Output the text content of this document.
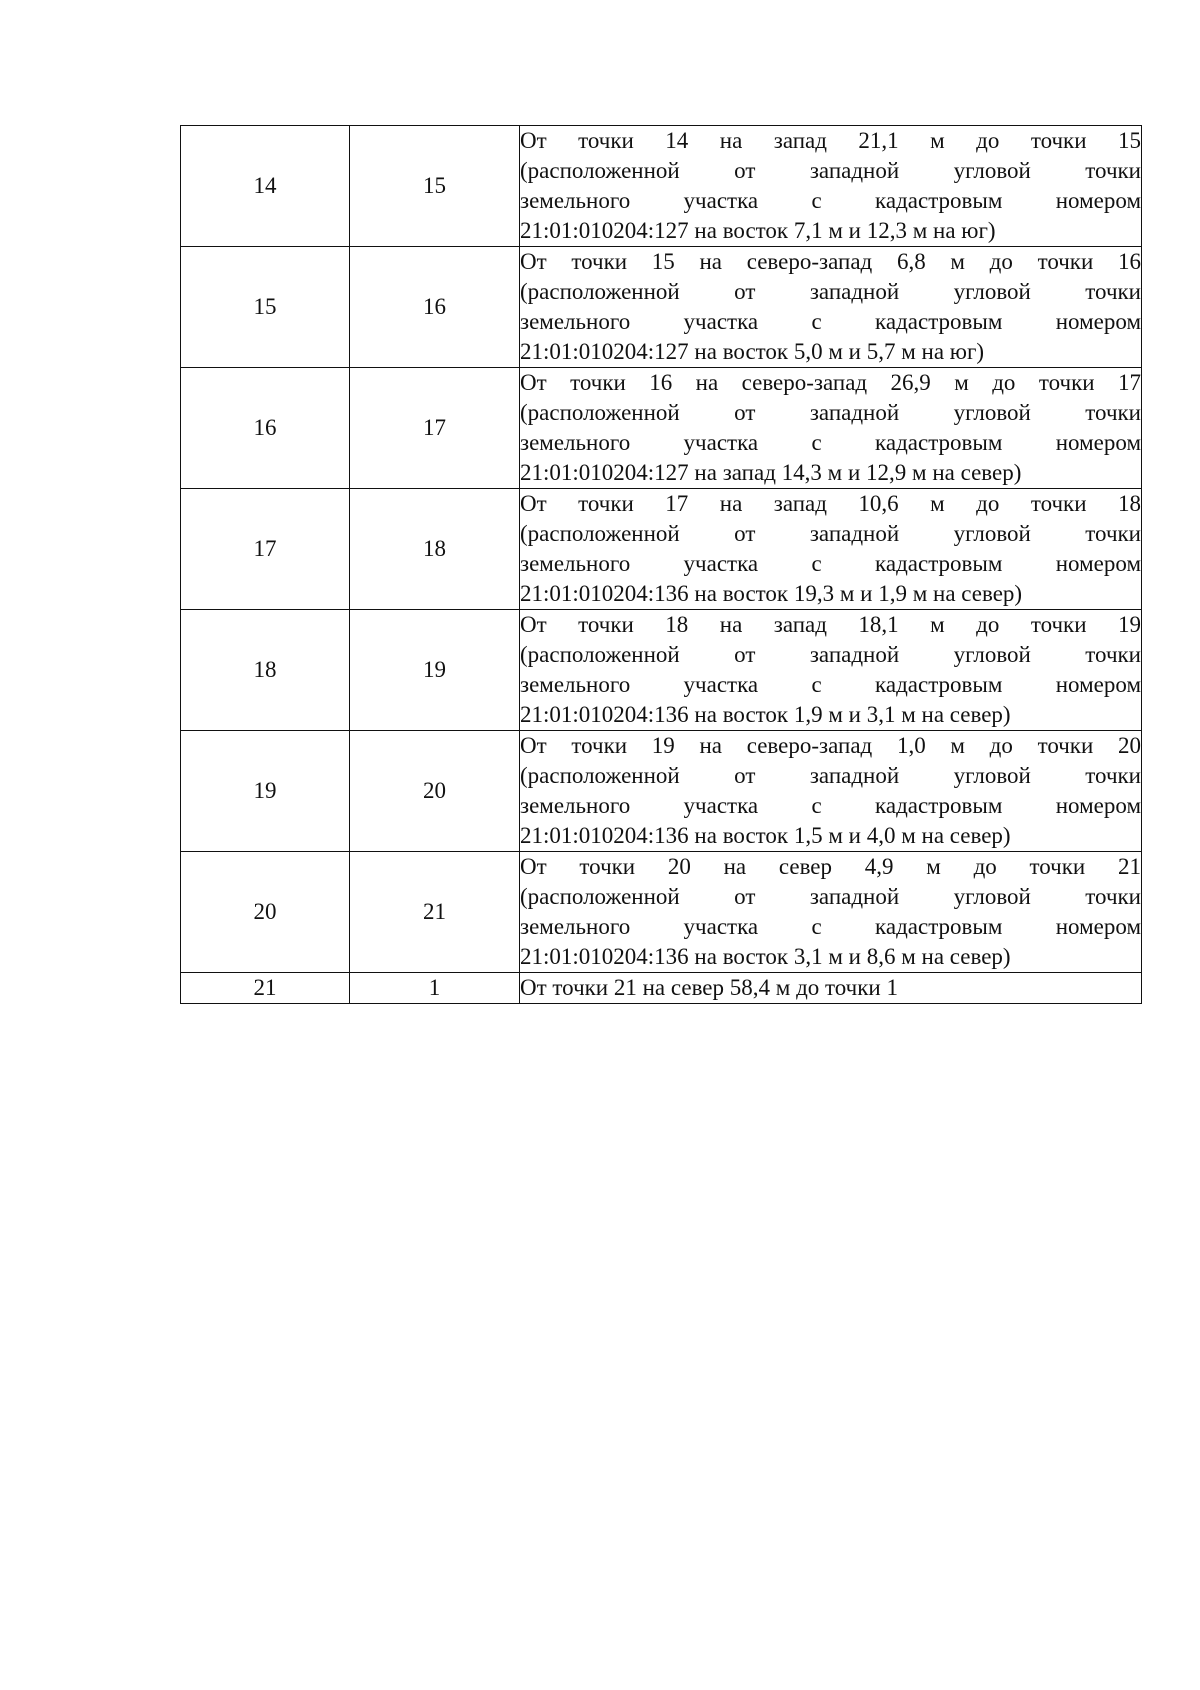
14	15	От точки 14 на запад 21,1 м до точки 15
(расположенной от западной угловой точки
земельного участка с кадастровым номером
21:01:010204:127 на восток 7,1 м и 12,3 м на юг)

15	16	От точки 15 на северо-запад 6,8 м до точки 16
(расположенной от западной угловой точки
земельного участка с кадастровым номером
21:01:010204:127 на восток 5,0 м и 5,7 м на юг)

16	17	От точки 16 на северо-запад 26,9 м до точки 17
(расположенной от западной угловой точки
земельного участка с кадастровым номером
21:01:010204:127 на запад 14,3 м и 12,9 м на север)

17	18	От точки 17 на запад 10,6 м до точки 18
(расположенной от западной угловой точки
земельного участка с кадастровым номером
21:01:010204:136 на восток 19,3 м и 1,9 м на север)

18	19	От точки 18 на запад 18,1 м до точки 19
(расположенной от западной угловой точки
земельного участка с кадастровым номером
21:01:010204:136 на восток 1,9 м и 3,1 м на север)

19	20	От точки 19 на северо-запад 1,0 м до точки 20
(расположенной от западной угловой точки
земельного участка с кадастровым номером
21:01:010204:136 на восток 1,5 м и 4,0 м на север)

20	21	От точки 20 на север 4,9 м до точки 21
(расположенной от западной угловой точки
земельного участка с кадастровым номером
21:01:010204:136 на восток 3,1 м и 8,6 м на север)

21	1	От точки 21 на север 58,4 м до точки 1
